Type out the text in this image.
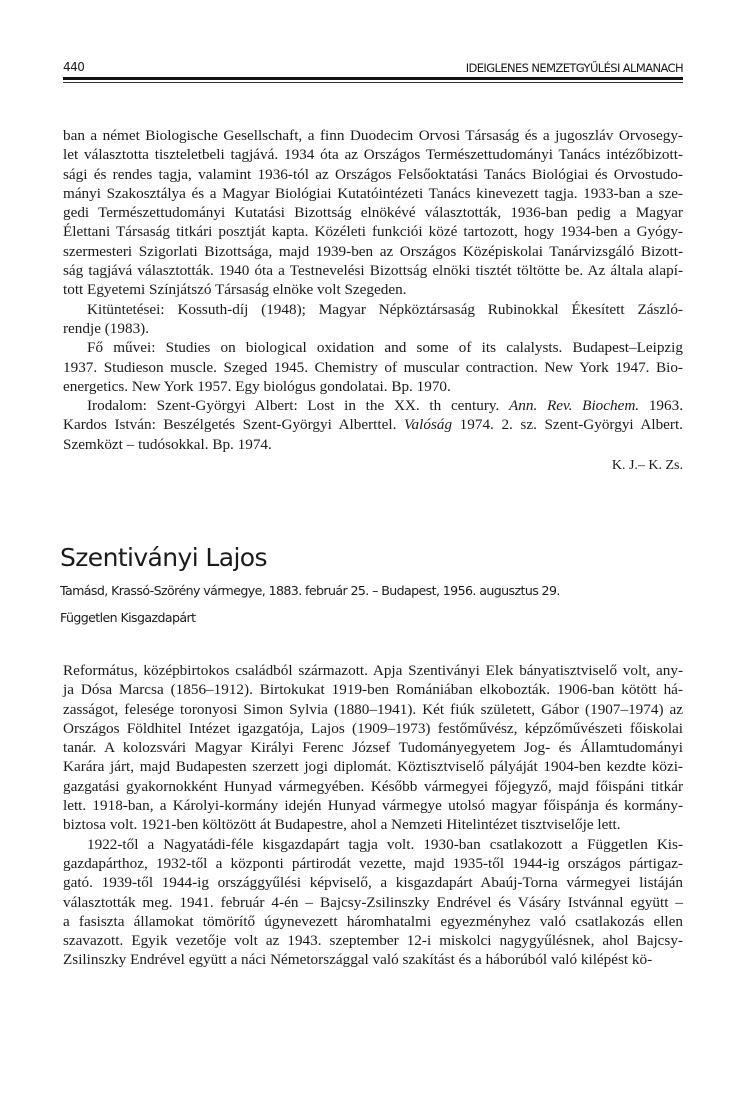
440	IDEIGLENES NEMZETGYŰLÉSI ALMANACH

ban a német Biologische Gesellschaft, a finn Duodecim Orvosi Társaság és a jugoszláv Orvosegy-
let választotta tiszteletbeli tagjává. 1934 óta az Országos Természettudományi Tanács intézőbizott-
sági és rendes tagja, valamint 1936-tól az Országos Felsőoktatási Tanács Biológiai és Orvostudo-
mányi Szakosztálya és a Magyar Biológiai Kutatóintézeti Tanács kinevezett tagja. 1933-ban a sze-
gedi Természettudományi Kutatási Bizottság elnökévé választották, 1936-ban pedig a Magyar
Élettani Társaság titkári posztját kapta. Közéleti funkciói közé tartozott, hogy 1934-ben a Gyógy-
szermesteri Szigorlati Bizottsága, majd 1939-ben az Országos Középiskolai Tanárvizsgáló Bizott-
ság tagjává választották. 1940 óta a Testnevelési Bizottság elnöki tisztét töltötte be. Az általa alapí-
tott Egyetemi Színjátszó Társaság elnöke volt Szegeden.

Kitüntetései: Kossuth-díj (1948); Magyar Népköztársaság Rubinokkal Ékesített Zászló-
rendje (1983).

Fő művei: Studies on biological oxidation and some of its calalysts. Budapest–Leipzig
1937. Studieson muscle. Szeged 1945. Chemistry of muscular contraction. New York 1947. Bio-
energetics. New York 1957. Egy biológus gondolatai. Bp. 1970.

Irodalom: Szent-Györgyi Albert: Lost in the XX. th century. Ann. Rev. Biochem. 1963.
Kardos István: Beszélgetés Szent-Györgyi Alberttel. Valóság 1974. 2. sz. Szent-Györgyi Albert.
Szemközt – tudósokkal. Bp. 1974.

K. J.– K. Zs.
Szentiványi Lajos
Tamásd, Krassó-Szörény vármegye, 1883. február 25. – Budapest, 1956. augusztus 29.
Független Kisgazdapárt

Református, középbirtokos családból származott. Apja Szentiványi Elek bányatisztviselő volt, any-
ja Dósa Marcsa (1856–1912). Birtokukat 1919-ben Romániában elkobozták. 1906-ban kötött há-
zasságot, felesége toronyosi Simon Sylvia (1880–1941). Két fiúk született, Gábor (1907–1974) az
Országos Földhitel Intézet igazgatója, Lajos (1909–1973) festőművész, képzőművészeti főiskolai
tanár. A kolozsvári Magyar Királyi Ferenc József Tudományegyetem Jog- és Államtudományi
Karára járt, majd Budapesten szerzett jogi diplomát. Köztisztviselő pályáját 1904-ben kezdte közi-
gazgatási gyakornokként Hunyad vármegyében. Később vármegyei főjegyző, majd főispáni titkár
lett. 1918-ban, a Károlyi-kormány idején Hunyad vármegye utolsó magyar főispánja és kormány-
biztosa volt. 1921-ben költözött át Budapestre, ahol a Nemzeti Hitelintézet tisztviselője lett.

1922-től a Nagyatádi-féle kisgazdapárt tagja volt. 1930-ban csatlakozott a Független Kis-
gazdapárthoz, 1932-től a központi pártirodát vezette, majd 1935-től 1944-ig országos pártigaz-
gató. 1939-től 1944-ig országgyűlési képviselő, a kisgazdapárt Abaúj-Torna vármegyei listáján
választották meg. 1941. február 4-én – Bajcsy-Zsilinszky Endrével és Vásáry Istvánnal együtt –
a fasiszta államokat tömörítő úgynevezett háromhatalmi egyezményhez való csatlakozás ellen
szavazott. Egyik vezetője volt az 1943. szeptember 12-i miskolci nagygyűlésnek, ahol Bajcsy-
Zsilinszky Endrével együtt a náci Németországgal való szakítást és a háborúból való kilépést kö-
